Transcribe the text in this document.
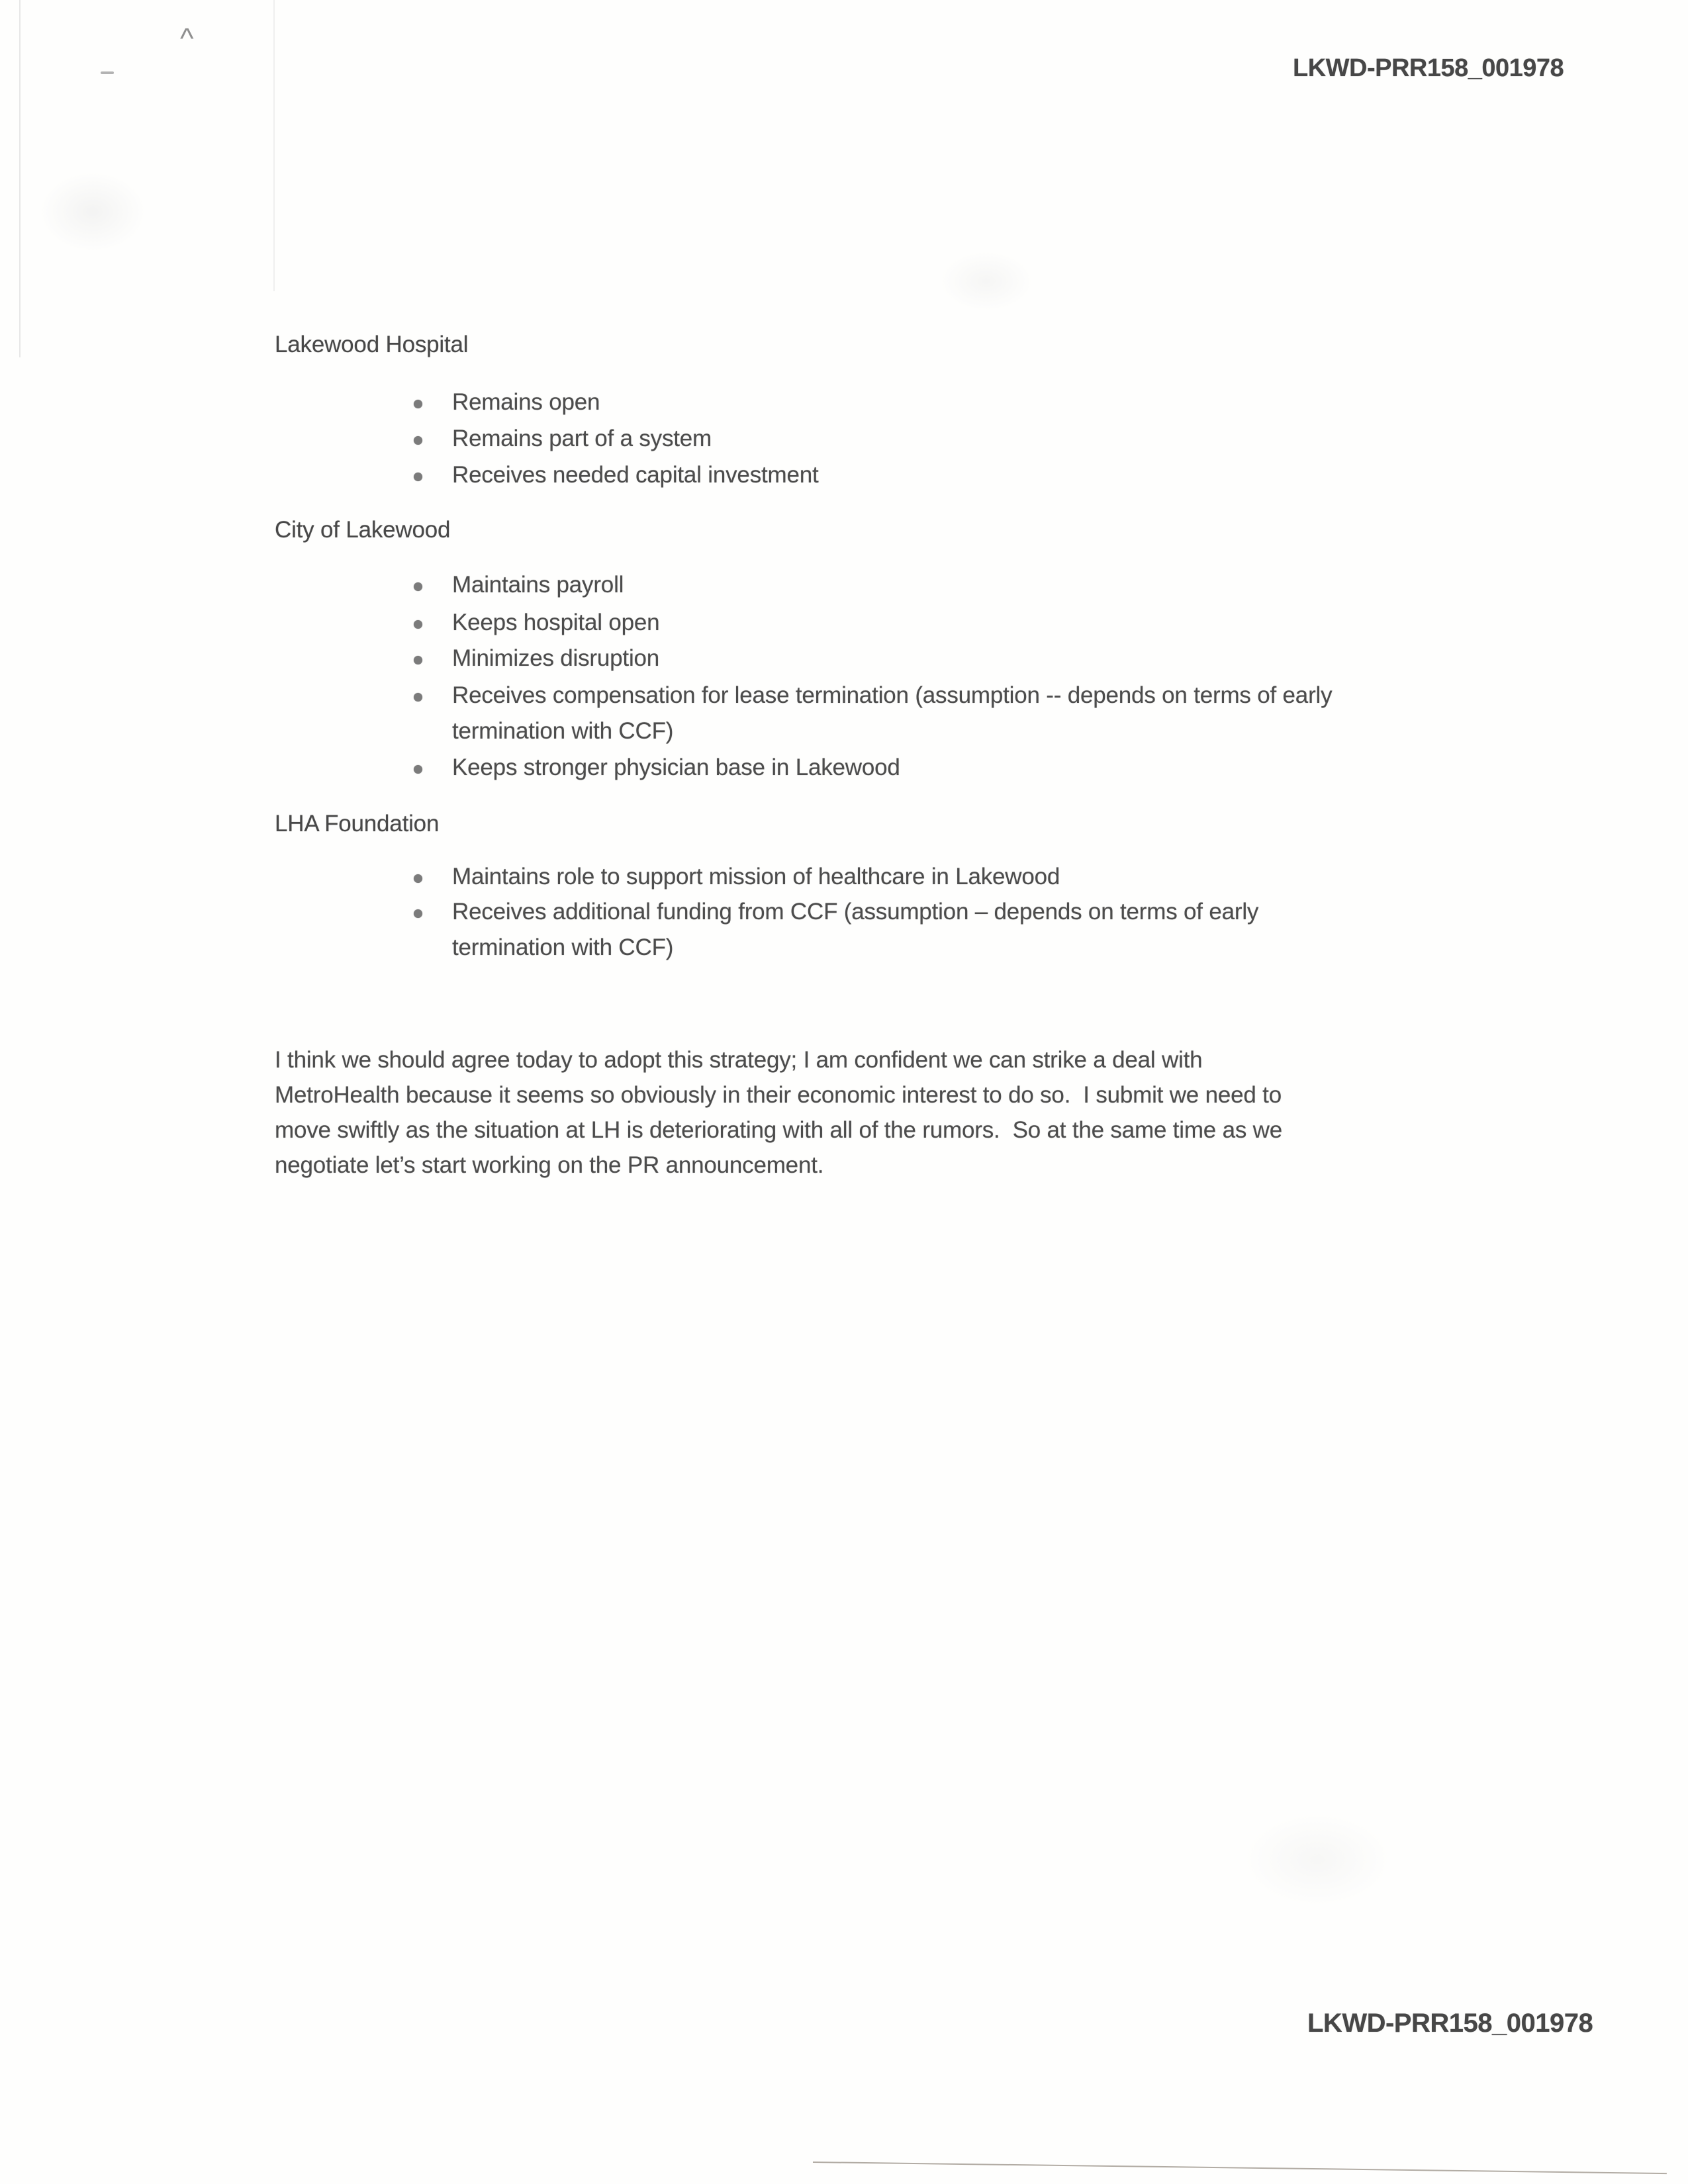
^
LKWD-PRR158_001978
LKWD-PRR158_001978
Lakewood Hospital
Remains open
Remains part of a system
Receives needed capital investment
City of Lakewood
Maintains payroll
Keeps hospital open
Minimizes disruption
Receives compensation for lease termination (assumption -- depends on terms of early
termination with CCF)
Keeps stronger physician base in Lakewood
LHA Foundation
Maintains role to support mission of healthcare in Lakewood
Receives additional funding from CCF (assumption – depends on terms of early
termination with CCF)
I think we should agree today to adopt this strategy; I am confident we can strike a deal with
MetroHealth because it seems so obviously in their economic interest to do so.  I submit we need to
move swiftly as the situation at LH is deteriorating with all of the rumors.  So at the same time as we
negotiate let’s start working on the PR announcement.
